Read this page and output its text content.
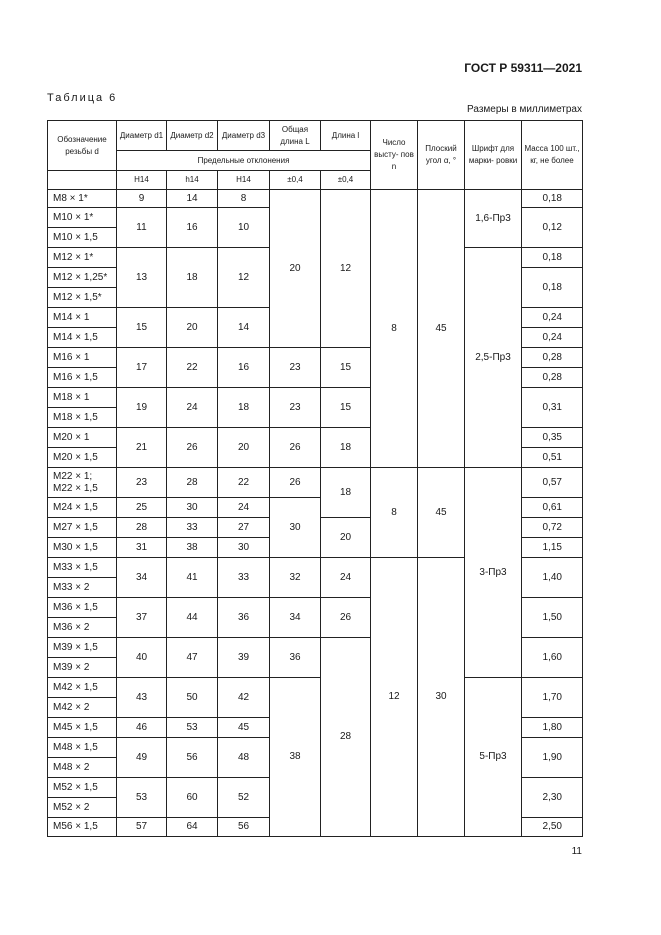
ГОСТ Р 59311—2021
Таблица 6
Размеры в миллиметрах
Обозначение резьбы d	Диаметр d1	Диаметр d2	Диаметр d3	Общая длина L	Длина l	Число высту- пов n	Плоский угол α, °	Шрифт для марки- ровки	Масса 100 шт., кг, не более
	Предельные отклонения								
	H14	h14	H14	±0,4	±0,4				
M8 × 1*	9	14	8	20	12	8	45	1,6-Пр3	0,18
M10 × 1*	11	16	10						0,12
M10 × 1,5									
M12 × 1*	13	18	12					2,5-Пр3	0,18
M12 × 1,25*									0,18
M12 × 1,5*									
M14 × 1	15	20	14						0,24
M14 × 1,5									0,24
M16 × 1	17	22	16	23	15				0,28
M16 × 1,5									0,28
M18 × 1	19	24	18	23	15				0,31
M18 × 1,5									
M20 × 1	21	26	20	26	18				0,35
M20 × 1,5									0,51
M22 × 1; M22 × 1,5	23	28	22	26	18	8	45	3-Пр3	0,57
M24 × 1,5	25	30	24	30					0,61
M27 × 1,5	28	33	27		20				0,72
M30 × 1,5	31	38	30						1,15
M33 × 1,5	34	41	33	32	24	12	30		1,40
M33 × 2									
M36 × 1,5	37	44	36	34	26				1,50
M36 × 2									
M39 × 1,5	40	47	39	36	28				1,60
M39 × 2									
M42 × 1,5	43	50	42	38				5-Пр3	1,70
M42 × 2									
M45 × 1,5	46	53	45						1,80
M48 × 1,5	49	56	48						1,90
M48 × 2									
M52 × 1,5	53	60	52						2,30
M52 × 2									
M56 × 1,5	57	64	56						2,50
11
